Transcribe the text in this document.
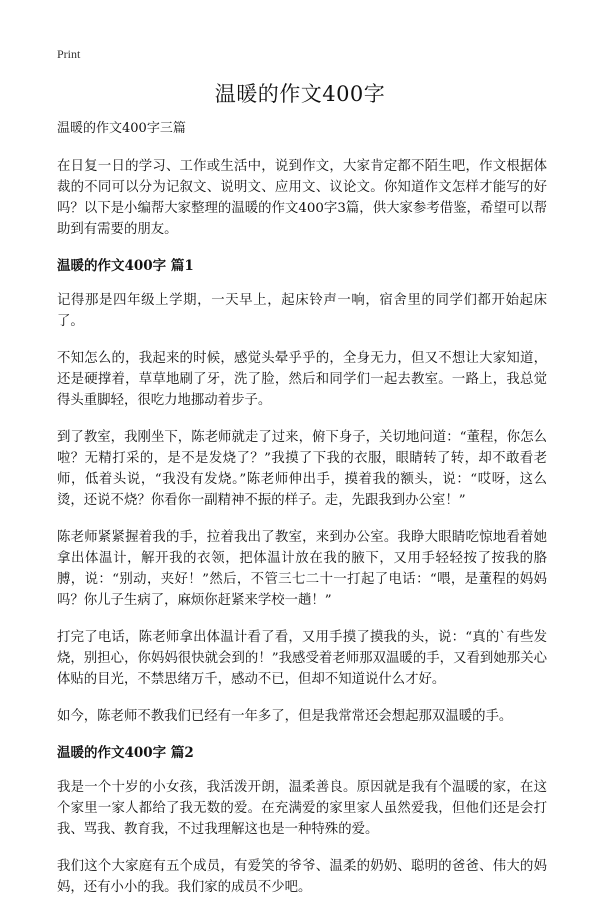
Print
温暖的作文400字
温暖的作文400字三篇

在日复一日的学习、工作或生活中，说到作文，大家肯定都不陌生吧，作文根据体裁的不同可以分为记叙文、说明文、应用文、议论文。你知道作文怎样才能写的好吗？以下是小编帮大家整理的温暖的作文400字3篇，供大家参考借鉴，希望可以帮助到有需要的朋友。

温暖的作文400字 篇1

记得那是四年级上学期，一天早上，起床铃声一响，宿舍里的同学们都开始起床了。

不知怎么的，我起来的时候，感觉头晕乎乎的，全身无力，但又不想让大家知道，还是硬撑着，草草地刷了牙，洗了脸，然后和同学们一起去教室。一路上，我总觉得头重脚轻，很吃力地挪动着步子。

到了教室，我刚坐下，陈老师就走了过来，俯下身子，关切地问道：“董程，你怎么啦？无精打采的，是不是发烧了？”我摸了下我的衣服，眼睛转了转，却不敢看老师，低着头说，“我没有发烧。”陈老师伸出手，摸着我的额头，说：“哎呀，这么烫，还说不烧？你看你一副精神不振的样子。走，先跟我到办公室！”

陈老师紧紧握着我的手，拉着我出了教室，来到办公室。我睁大眼睛吃惊地看着她拿出体温计，解开我的衣领，把体温计放在我的腋下，又用手轻轻按了按我的胳膊，说：“别动，夹好！”然后，不管三七二十一打起了电话：“喂，是董程的妈妈吗？你儿子生病了，麻烦你赶紧来学校一趟！”

打完了电话，陈老师拿出体温计看了看，又用手摸了摸我的头，说：“真的`有些发烧，别担心，你妈妈很快就会到的！”我感受着老师那双温暖的手，又看到她那关心体贴的目光，不禁思绪万千，感动不已，但却不知道说什么才好。

如今，陈老师不教我们已经有一年多了，但是我常常还会想起那双温暖的手。

温暖的作文400字 篇2

我是一个十岁的小女孩，我活泼开朗，温柔善良。原因就是我有个温暖的家，在这个家里一家人都给了我无数的爱。在充满爱的家里家人虽然爱我，但他们还是会打我、骂我、教育我，不过我理解这也是一种特殊的爱。

我们这个大家庭有五个成员，有爱笑的爷爷、温柔的奶奶、聪明的爸爸、伟大的妈妈，还有小小的我。我们家的成员不少吧。
